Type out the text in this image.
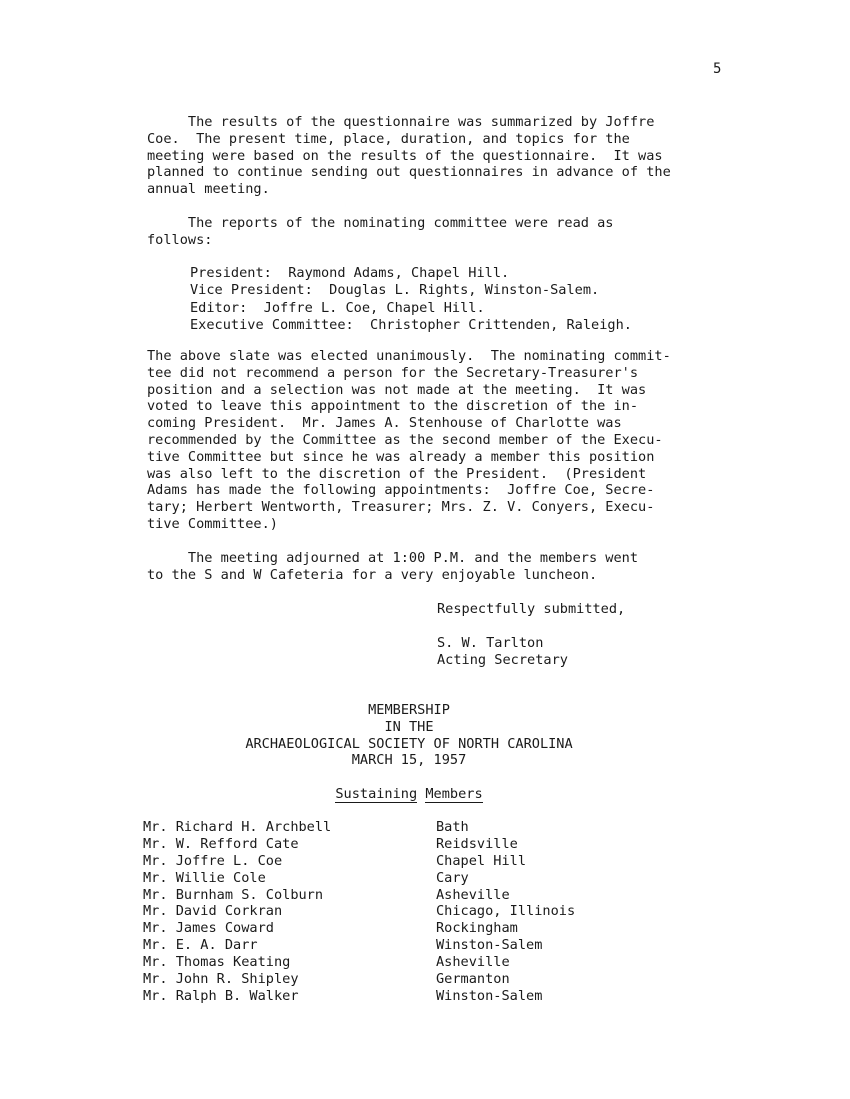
5

The results of the questionnaire was summarized by Joffre
Coe.  The present time, place, duration, and topics for the
meeting were based on the results of the questionnaire.  It was
planned to continue sending out questionnaires in advance of the
annual meeting.

The reports of the nominating committee were read as
follows:

President:  Raymond Adams, Chapel Hill.
Vice President:  Douglas L. Rights, Winston-Salem.
Editor:  Joffre L. Coe, Chapel Hill.
Executive Committee:  Christopher Crittenden, Raleigh.

The above slate was elected unanimously.  The nominating commit-
tee did not recommend a person for the Secretary-Treasurer's
position and a selection was not made at the meeting.  It was
voted to leave this appointment to the discretion of the in-
coming President.  Mr. James A. Stenhouse of Charlotte was
recommended by the Committee as the second member of the Execu-
tive Committee but since he was already a member this position
was also left to the discretion of the President.  (President
Adams has made the following appointments:  Joffre Coe, Secre-
tary; Herbert Wentworth, Treasurer; Mrs. Z. V. Conyers, Execu-
tive Committee.)

The meeting adjourned at 1:00 P.M. and the members went
to the S and W Cafeteria for a very enjoyable luncheon.

Respectfully submitted,
S. W. Tarlton
Acting Secretary
MEMBERSHIP
IN THE
ARCHAEOLOGICAL SOCIETY OF NORTH CAROLINA
MARCH 15, 1957
Sustaining Members
Mr. Richard H. Archbell	Bath
Mr. W. Refford Cate	Reidsville
Mr. Joffre L. Coe	Chapel Hill
Mr. Willie Cole	Cary
Mr. Burnham S. Colburn	Asheville
Mr. David Corkran	Chicago, Illinois
Mr. James Coward	Rockingham
Mr. E. A. Darr	Winston-Salem
Mr. Thomas Keating	Asheville
Mr. John R. Shipley	Germanton
Mr. Ralph B. Walker	Winston-Salem
